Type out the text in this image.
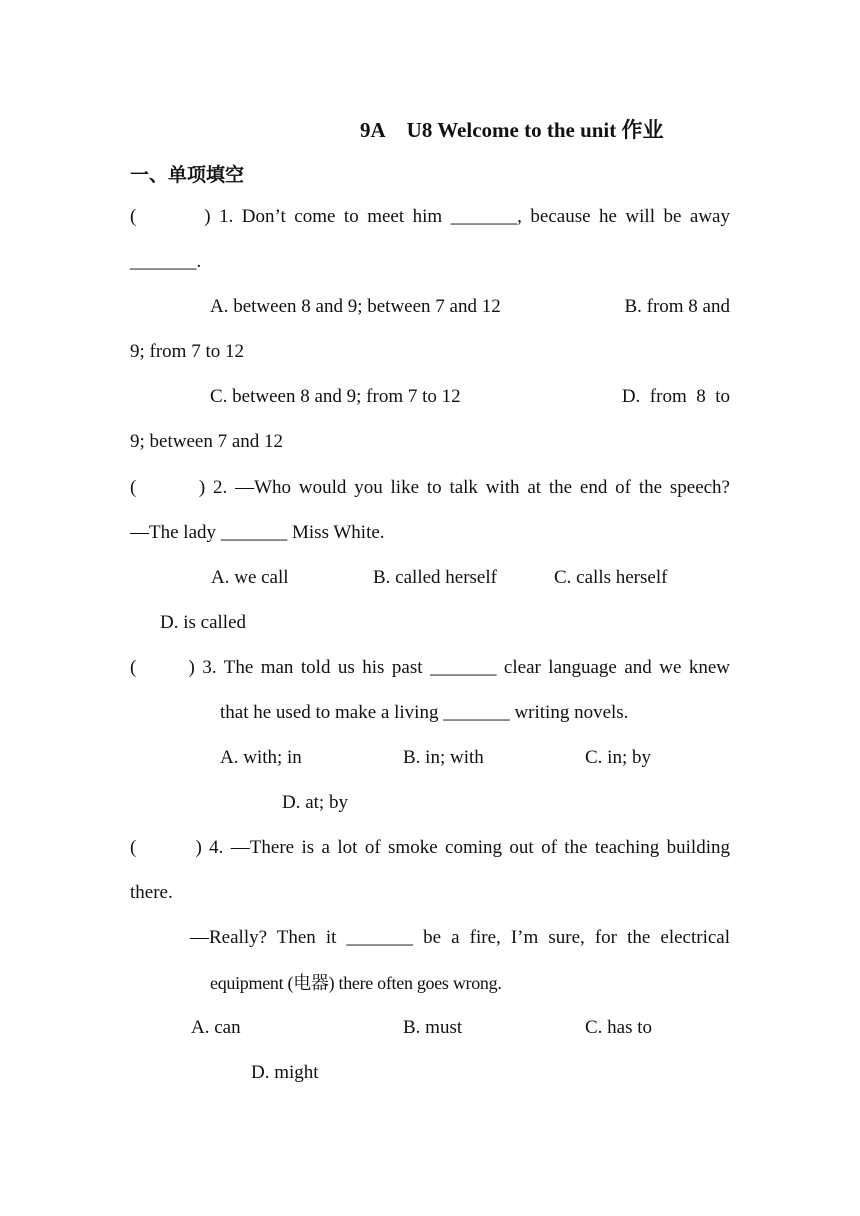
9A    U8 Welcome to the unit 作业
一、单项填空
(        ) 1. Don’t come to meet him _______, because he will be away
_______.
A. between 8 and 9; between 7 and 12	B. from 8 and
9; from 7 to 12
C. between 8 and 9; from 7 to 12	D.  from  8  to
9; between 7 and 12
(        ) 2. —Who would you like to talk with at the end of the speech?
—The lady _______ Miss White.
A. we call	B. called herself	C. calls herself
D. is called
(       ) 3. The man told us his past _______ clear language and we knew
that he used to make a living _______ writing novels.
A. with; in	B. in; with	C. in; by
D. at; by
(        ) 4. —There is a lot of smoke coming out of the teaching building
there.
—Really? Then it _______ be a fire, I’m sure, for the electrical
equipment (电器) there often goes wrong.
A. can	B. must	C. has to
D. might
